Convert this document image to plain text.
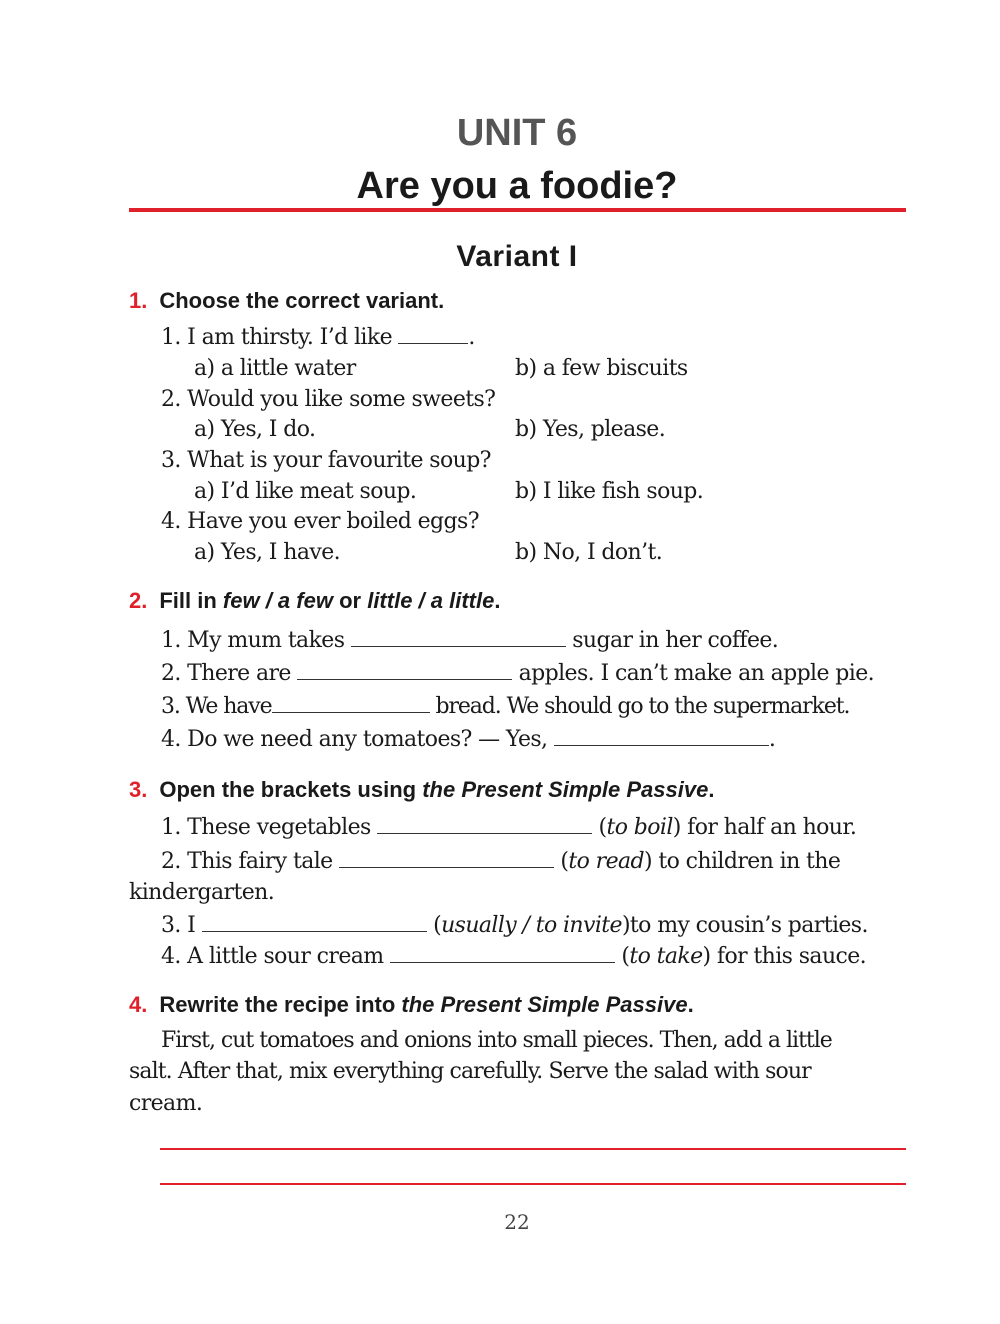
UNIT 6
Are you a foodie?
Variant I
1. Choose the correct variant.
1. I am thirsty. I’d like	.
a) a little water	b) a few biscuits
2. Would you like some sweets?
a) Yes, I do.	b) Yes, please.
3. What is your favourite soup?
a) I’d like meat soup.	b) I like fish soup.
4. Have you ever boiled eggs?
a) Yes, I have.	b) No, I don’t.
2. Fill in few / a few or little / a little.
1. My mum takes	sugar in her coffee.
2. There are	apples. I can’t make an apple pie.
3. We have	bread. We should go to the supermarket.
4. Do we need any tomatoes? — Yes,	.
3. Open the brackets using the Present Simple Passive.
1. These vegetables	(to boil) for half an hour.
2. This fairy tale	(to read) to children in the
kindergarten.
3. I	(usually / to invite)to my cousin’s parties.
4. A little sour cream	(to take) for this sauce.
4. Rewrite the recipe into the Present Simple Passive.
First, cut tomatoes and onions into small pieces. Then, add a little
salt. After that, mix everything carefully. Serve the salad with sour
cream.
22
